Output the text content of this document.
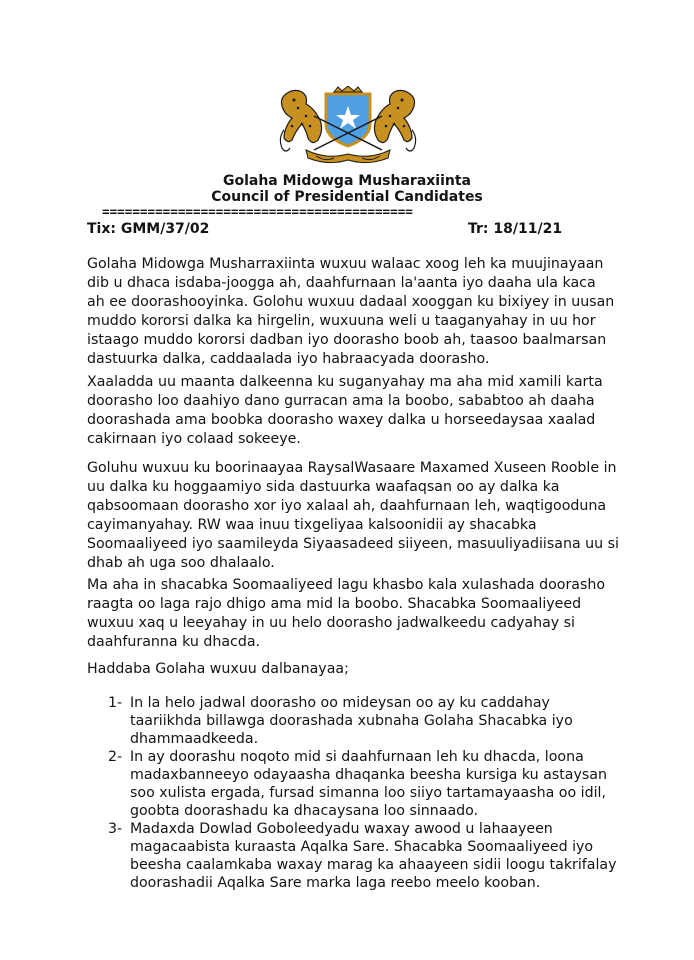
Golaha Midowga Musharaxiinta
Council of Presidential Candidates
=========================================
Tix: GMM/37/02	Tr: 18/11/21
Golaha Midowga Musharraxiinta wuxuu walaac xoog leh ka muujinayaan
dib u dhaca isdaba-joogga ah, daahfurnaan la'aanta iyo daaha ula kaca
ah ee doorashooyinka. Golohu wuxuu dadaal xooggan ku bixiyey in uusan
muddo kororsi dalka ka hirgelin, wuxuuna weli u taaganyahay in uu hor
istaago muddo kororsi dadban iyo doorasho boob ah, taasoo baalmarsan
dastuurka dalka, caddaalada iyo habraacyada doorasho.
Xaaladda uu maanta dalkeenna ku suganyahay ma aha mid xamili karta
doorasho loo daahiyo dano gurracan ama la boobo, sababtoo ah daaha
doorashada ama boobka doorasho waxey dalka u horseedaysaa xaalad
cakirnaan iyo colaad sokeeye.
Goluhu wuxuu ku boorinaayaa RaysalWasaare Maxamed Xuseen Rooble in
uu dalka ku hoggaamiyo sida dastuurka waafaqsan oo ay dalka ka
qabsoomaan doorasho xor iyo xalaal ah, daahfurnaan leh, waqtigooduna
cayimanyahay. RW waa inuu tixgeliyaa kalsoonidii ay shacabka
Soomaaliyeed iyo saamileyda Siyaasadeed siiyeen, masuuliyadiisana uu si
dhab ah uga soo dhalaalo.
Ma aha in shacabka Soomaaliyeed lagu khasbo kala xulashada doorasho
raagta oo laga rajo dhigo ama mid la boobo. Shacabka Soomaaliyeed
wuxuu xaq u leeyahay in uu helo doorasho jadwalkeedu cadyahay si
daahfuranna ku dhacda.
Haddaba Golaha wuxuu dalbanayaa;
1- In la helo jadwal doorasho oo mideysan oo ay ku caddahay
taariikhda billawga doorashada xubnaha Golaha Shacabka iyo
dhammaadkeeda.
2- In ay doorashu noqoto mid si daahfurnaan leh ku dhacda, loona
madaxbanneeyo odayaasha dhaqanka beesha kursiga ku astaysan
soo xulista ergada, fursad simanna loo siiyo tartamayaasha oo idil,
goobta doorashadu ka dhacaysana loo sinnaado.
3- Madaxda Dowlad Goboleedyadu waxay awood u lahaayeen
magacaabista kuraasta Aqalka Sare. Shacabka Soomaaliyeed iyo
beesha caalamkaba waxay marag ka ahaayeen sidii loogu takrifalay
doorashadii Aqalka Sare marka laga reebo meelo kooban.
